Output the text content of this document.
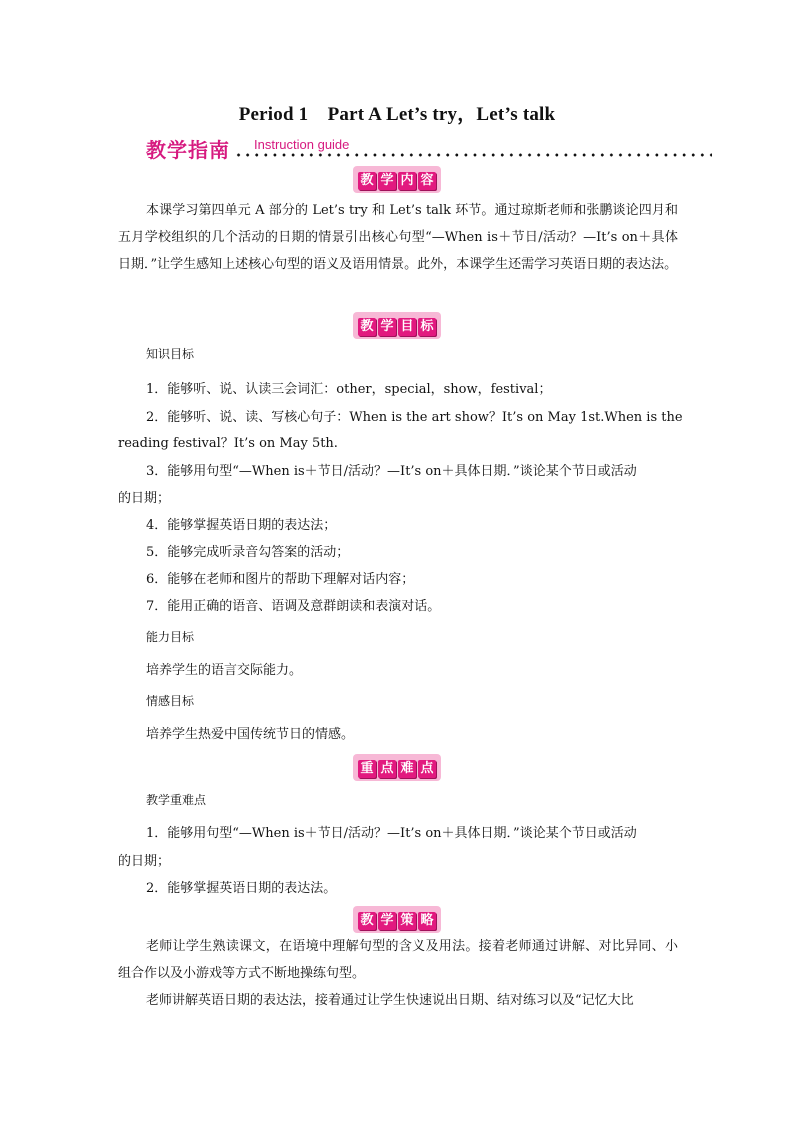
Period 1　Part A Let’s try，Let’s talk
教学指南 Instruction guide
教 学 内 容
本课学习第四单元 A 部分的 Let’s try 和 Let’s talk 环节。通过琼斯老师和张鹏谈论四月和五月学校组织的几个活动的日期的情景引出核心句型“—When is＋节日/活动？—It’s on＋具体日期．”让学生感知上述核心句型的语义及语用情景。此外，本课学生还需学习英语日期的表达法。
教 学 目 标
知识目标
1．能够听、说、认读三会词汇：other，special，show，festival；
2．能够听、说、读、写核心句子：When is the art show？It’s on May 1st.When is the
reading festival？It’s on May 5th.
3．能够用句型“—When is＋节日/活动？—It’s on＋具体日期．”谈论某个节日或活动
的日期；
4．能够掌握英语日期的表达法；
5．能够完成听录音勾答案的活动；
6．能够在老师和图片的帮助下理解对话内容；
7．能用正确的语音、语调及意群朗读和表演对话。
能力目标
培养学生的语言交际能力。
情感目标
培养学生热爱中国传统节日的情感。
重 点 难 点
教学重难点
1．能够用句型“—When is＋节日/活动？—It’s on＋具体日期．”谈论某个节日或活动
的日期；
2．能够掌握英语日期的表达法。
教 学 策 略
老师让学生熟读课文，在语境中理解句型的含义及用法。接着老师通过讲解、对比异同、小组合作以及小游戏等方式不断地操练句型。
老师讲解英语日期的表达法，接着通过让学生快速说出日期、结对练习以及“记忆大比
